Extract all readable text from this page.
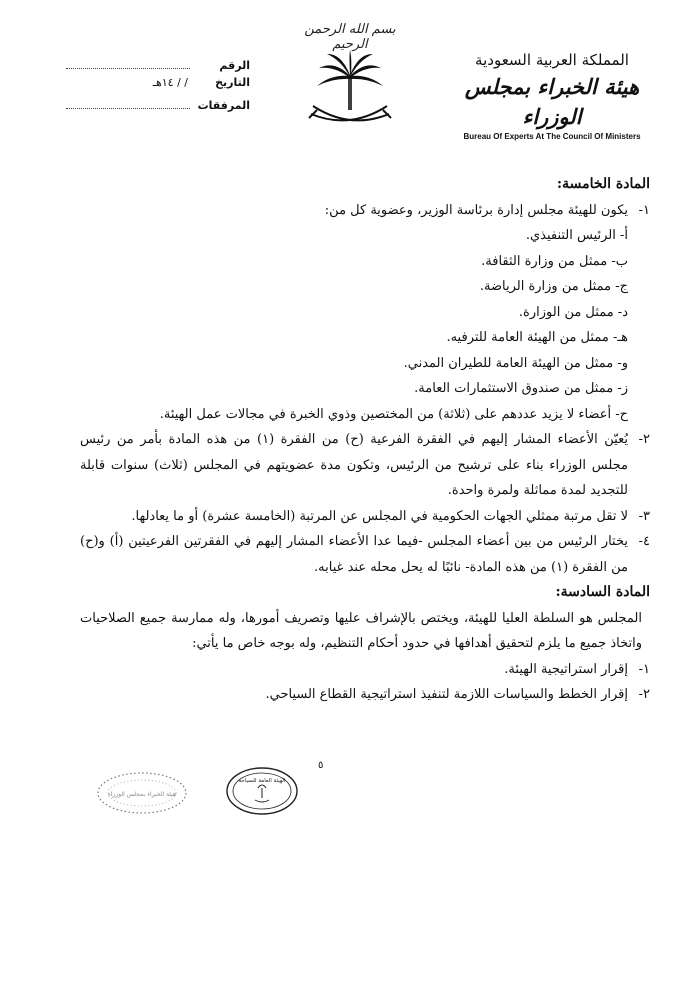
بسم الله الرحمن الرحيم
المملكة العربية السعودية
هيئة الخبراء بمجلس الوزراء
Bureau Of Experts At The Council Of Ministers
الرقم
التاريخ
/ / ١٤هـ
المرفقات
المادة الخامسة:
١-
يكون للهيئة مجلس إدارة برئاسة الوزير، وعضوية كل من:
أ- الرئيس التنفيذي.
ب- ممثل من وزارة الثقافة.
ج- ممثل من وزارة الرياضة.
د- ممثل من الوزارة.
هـ- ممثل من الهيئة العامة للترفيه.
و- ممثل من الهيئة العامة للطيران المدني.
ز- ممثل من صندوق الاستثمارات العامة.
ح- أعضاء لا يزيد عددهم على (ثلاثة) من المختصين وذوي الخبرة في مجالات عمل الهيئة.
٢-
يُعيّن الأعضاء المشار إليهم في الفقرة الفرعية (ح) من الفقرة (١) من هذه المادة بأمر من رئيس مجلس الوزراء بناء على ترشيح من الرئيس، وتكون مدة عضويتهم في المجلس (ثلاث) سنوات قابلة للتجديد لمدة مماثلة ولمرة واحدة.
٣-
لا تقل مرتبة ممثلي الجهات الحكومية في المجلس عن المرتبة (الخامسة عشرة) أو ما يعادلها.
٤-
يختار الرئيس من بين أعضاء المجلس -فيما عدا الأعضاء المشار إليهم في الفقرتين الفرعيتين (أ) و(ح) من الفقرة (١) من هذه المادة- نائبًا له يحل محله عند غيابه.
المادة السادسة:
المجلس هو السلطة العليا للهيئة، ويختص بالإشراف عليها وتصريف أمورها، وله ممارسة جميع الصلاحيات واتخاذ جميع ما يلزم لتحقيق أهدافها في حدود أحكام التنظيم، وله بوجه خاص ما يأتي:
١-
إقرار استراتيجية الهيئة.
٢-
إقرار الخطط والسياسات اللازمة لتنفيذ استراتيجية القطاع السياحي.
٥
الهيئة العامة للسياحة
هيئة الخبراء بمجلس الوزراء
